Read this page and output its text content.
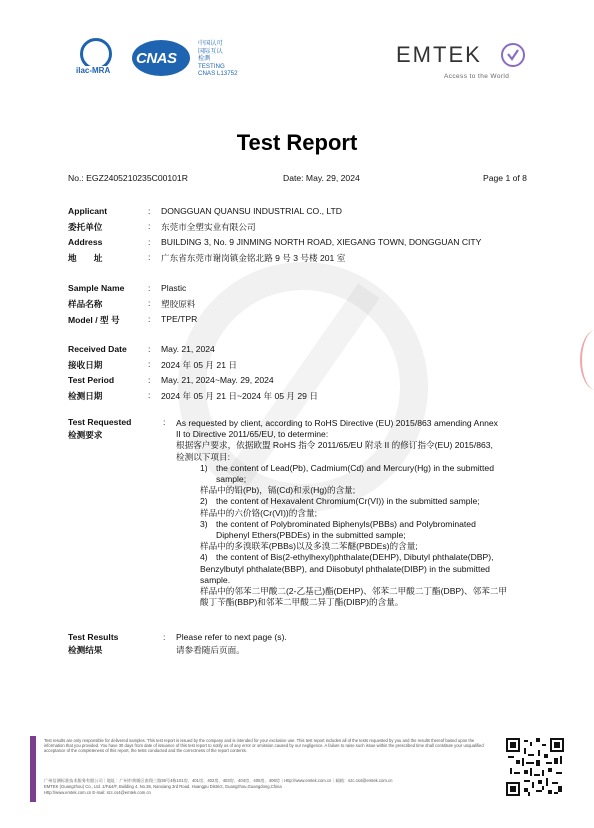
ilac-MRA
CNAS
中国认可
国际互认
检测
TESTING
CNAS L13752
EMTEK
Access to the World
Test Report
No.: EGZ2405210235C00101R	Date: May. 29, 2024	Page 1 of 8
Applicant	: DONGGUAN QUANSU INDUSTRIAL CO., LTD
委托单位	: 东莞市全塑实业有限公司
Address	: BUILDING 3, No. 9 JINMING NORTH ROAD, XIEGANG TOWN, DONGGUAN CITY
地　　址	: 广东省东莞市谢岗镇金铭北路 9 号 3 号楼 201 室
Sample Name	: Plastic
样品名称	: 塑胶原料
Model / 型 号	: TPE/TPR
Received Date : May. 21, 2024
接收日期	: 2024 年 05 月 21 日
Test Period	: May. 21, 2024~May. 29, 2024
检测日期	: 2024 年 05 月 21 日~2024 年 05 月 29 日
Test Requested
检测要求
: As requested by client, according to RoHS Directive (EU) 2015/863 amending Annex

II to Directive 2011/65/EU, to determine:

根据客户要求，依据欧盟 RoHS 指令 2011/65/EU 附录 II 的修订指令(EU) 2015/863,

检测以下项目:

1) the content of Lead(Pb), Cadmium(Cd) and Mercury(Hg) in the submitted

sample;

样品中的铅(Pb)，镉(Cd)和汞(Hg)的含量;

2) the content of Hexavalent Chromium(Cr(VI)) in the submitted sample;

样品中的六价铬(Cr(VI))的含量;

3) the content of Polybrominated Biphenyls(PBBs) and Polybrominated

Diphenyl Ethers(PBDEs) in the submitted sample;

样品中的多溴联苯(PBBs)以及多溴二苯醚(PBDEs)的含量;

4) the content of Bis(2-ethylhexyl)phthalate(DEHP), Dibutyl phthalate(DBP),

Benzylbutyl phthalate(BBP), and Diisobutyl phthalate(DIBP) in the submitted

sample.

样品中的邻苯二甲酸二(2-乙基己)酯(DEHP)、邻苯二甲酸二丁酯(DBP)、邻苯二甲

酸丁苄酯(BBP)和邻苯二甲酸二异丁酯(DIBP)的含量。

Test Results
检测结果
: Please refer to next page (s).
请参看随后页面。
Test results are only responsible for delivered samples. This test report is issued by the company and is intended for your exclusive use. This test report includes all of the tests requested by you and the results thereof based upon the information that you provided. You have 30 days from date of issuance of this test report to notify us of any error or omission caused by our negligence. A failure to raise such issue within the prescribed time shall constitute your unqualified acceptance of the completeness of this report, the tests conducted and the correctness of the report contents.
广州信测标准技术服务有限公司｜地址：广州市黄埔区南翔三路36号4栋101房、401房、402房、403房、404房、405房、406房｜Http://www.emtek.com.cn｜邮箱：szc.cs4@emtek.com.cn
EMTEK (Guangzhou) Co., Ltd. 1/F&4/F, Building 4, No.36, Nanxiang 3rd Road, Huangpu District, Guangzhou,Guangdong,China
Http://www.emtek.com.cn E-mail: szc.cs4@emtek.com.cn
